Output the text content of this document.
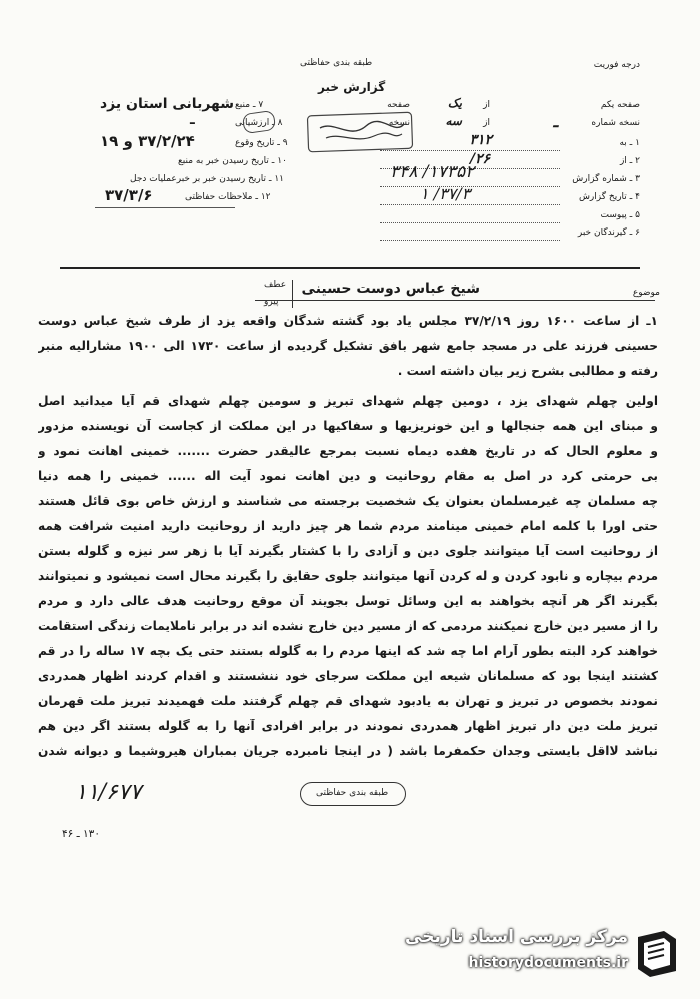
درجه فوریت
طبقه بندی حفاظتی
گزارش خبر
صفحه یکم
از
یک
صفحه
نسخه شماره
ـ
از
سه
نسخه
۱ ـ به
۳۱۲
۲ ـ از
۲۶/
۳ ـ شماره گزارش
۱۷۳۵۲/ ۳۴۸
۴ ـ تاریخ گزارش
۳۷/۳/ ۱
۵ ـ پیوست
۶ ـ گیرندگان خبر
۷ ـ منبع
شهربانی استان یزد
ـ	۸ ـ ارزشیابی
۹ ـ تاریخ وقوع
۳۷/۲/۲۴ و ۱۹
۱۰ ـ تاریخ رسیدن خبر به منبع
۱۱ ـ تاریخ رسیدن خبر بر خبرعملیات دجل
۱۲ ـ ملاحظات حفاظتی
۳۷/۳/۶
موضوع
شیخ عباس دوست حسینی
عطف
پیرو
۱ـ از ساعت ۱۶۰۰ روز ۳۷/۲/۱۹ مجلس یاد بود گشته شدگان واقعه یزد از طرف شیخ عباس دوست
حسینی فرزند علی در مسجد جامع شهر بافق تشکیل گردیده از ساعت ۱۷۳۰ الی ۱۹۰۰ مشارالیه منبر
رفته و مطالبی بشرح زیر بیان داشته است .
اولین چهلم شهدای یزد ، دومین چهلم شهدای تبریز و سومین چهلم شهدای قم آیا میدانید اصل
و مبنای این همه جنجالها و این خونریزیها و سفاکیها در این مملکت از کجاست آن نویسنده مزدور
و معلوم الحال که در تاریخ هفده دیماه نسبت بمرجع عالیقدر حضرت ....... خمینی اهانت نمود و
بی حرمتی کرد در اصل به مقام روحانیت و دین اهانت نمود آیت اله ...... خمینی را همه دنیا
چه مسلمان چه غیرمسلمان بعنوان یک شخصیت برجسته می شناسند و ارزش خاص بوی قائل هستند
حتی اورا با کلمه امام خمینی مینامند مردم شما هر چیز دارید از روحانیت دارید امنیت شرافت همه
از روحانیت است آیا میتوانند جلوی دین و آزادی را با کشتار بگیرند آیا با زهر سر نیزه و گلوله بستن
مردم بیچاره و نابود کردن و له کردن آنها میتوانند جلوی حقایق را بگیرند محال است نمیشود و نمیتوانند
بگیرند اگر هر آنچه بخواهند به این وسائل توسل بجویند آن موقع روحانیت هدف عالی دارد و مردم
را از مسیر دین خارج نمیکنند مردمی که از مسیر دین خارج نشده اند در برابر ناملایمات زندگی استقامت
خواهند کرد البته بطور آرام اما چه شد که اینها مردم را به گلوله بستند حتی یک بچه ۱۷ ساله را در قم
کشتند اینجا بود که مسلمانان شیعه این مملکت سرجای خود ننشستند و اقدام کردند اظهار همدردی
نمودند بخصوص در تبریز و تهران به یادبود شهدای قم چهلم گرفتند ملت فهمیدند تبریز ملت قهرمان
تبریز ملت دین دار تبریز اظهار همدردی نمودند در برابر افرادی آنها را به گلوله بستند اگر دین هم
نباشد لااقل بایستی وجدان حکمفرما باشد ( در اینجا نامبرده جریان بمباران هیروشیما و دیوانه شدن
۱۱/۶۷۷	طبقه بندی حفاظتی
۱۳۰ ـ ۴۶
مرکز بررسی اسناد تاریخی
historydocuments.ir
